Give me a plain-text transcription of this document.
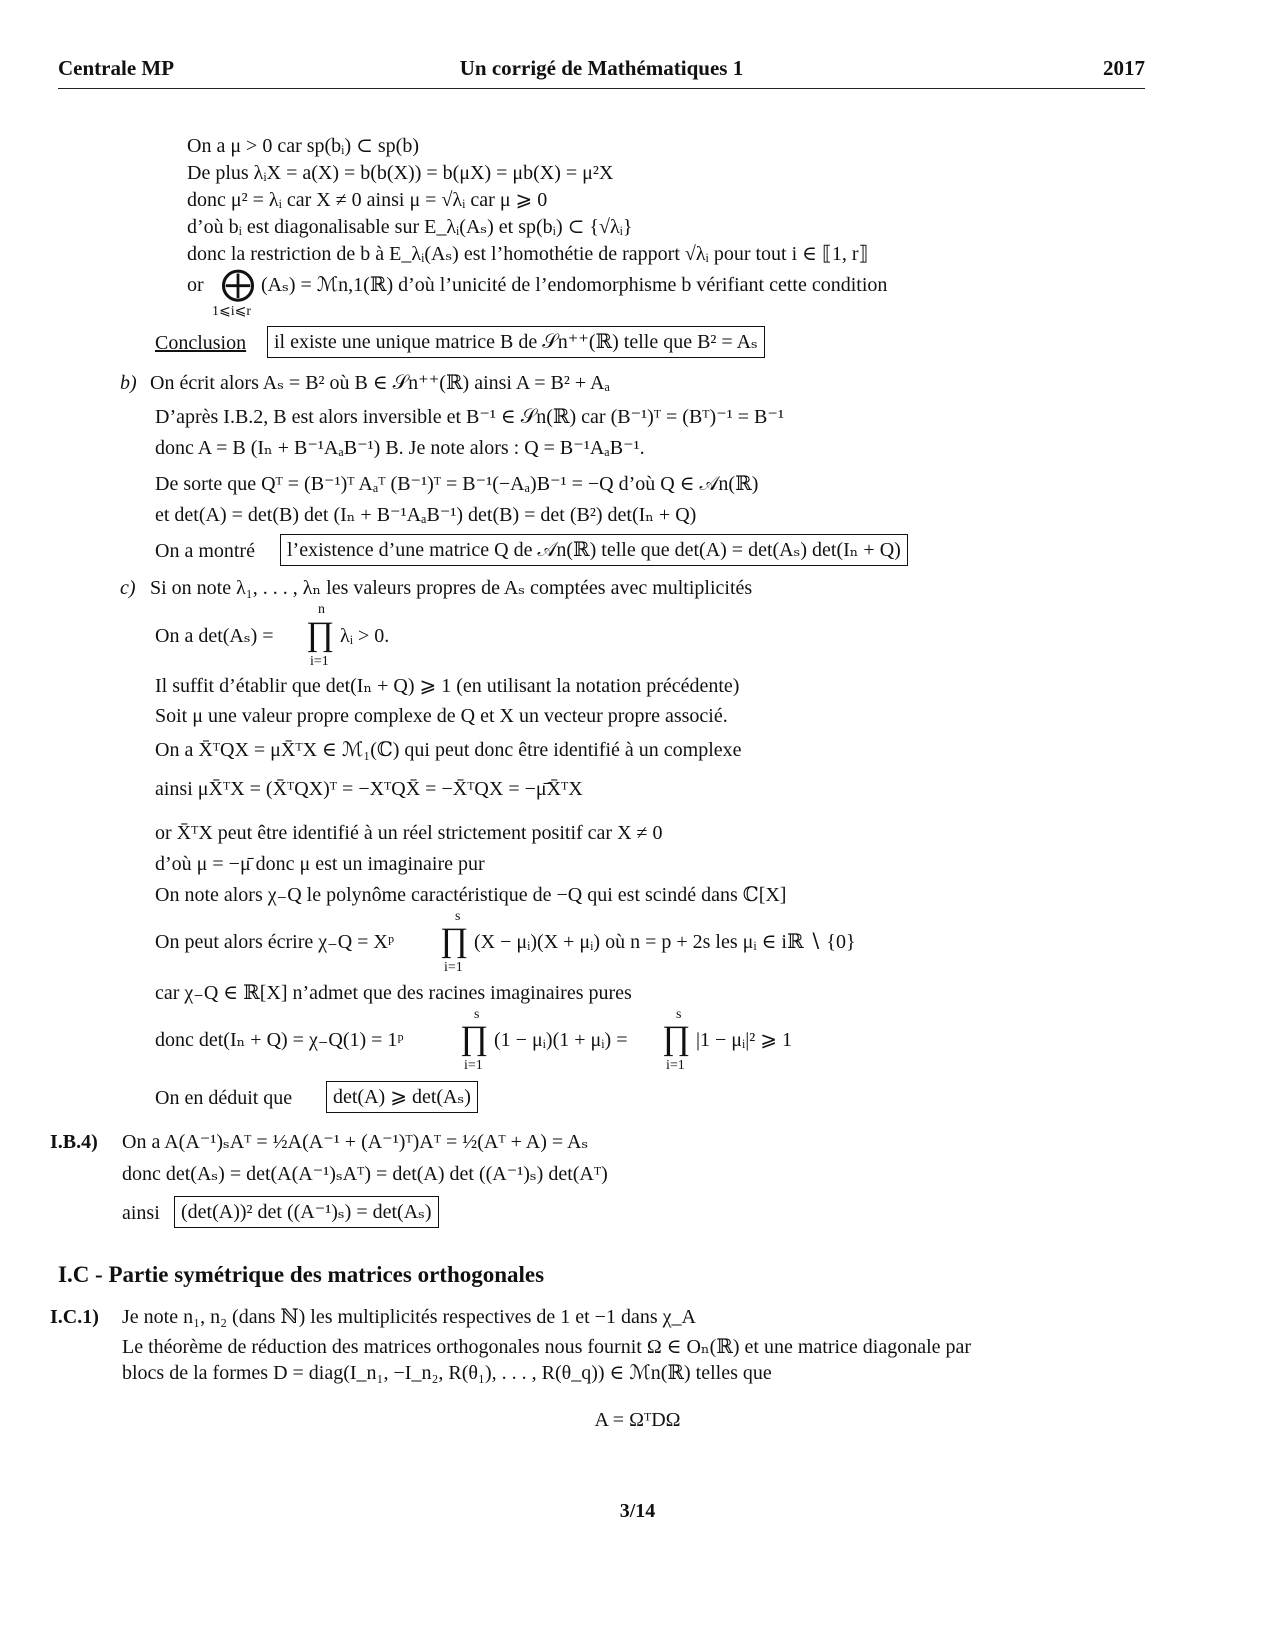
Centrale MP	Un corrigé de Mathématiques 1	2017
On a μ > 0 car sp(bᵢ) ⊂ sp(b)
De plus λᵢX = a(X) = b(b(X)) = b(μX) = μb(X) = μ²X
donc μ² = λᵢ car X ≠ 0 ainsi μ = √λᵢ car μ ⩾ 0
d’où bᵢ est diagonalisable sur E_λᵢ(Aₛ) et sp(bᵢ) ⊂ {√λᵢ}
donc la restriction de b à E_λᵢ(Aₛ) est l’homothétie de rapport √λᵢ pour tout i ∈ ⟦1, r⟧
or ⨁ (Aₛ) = ℳn,1(ℝ) d’où l’unicité de l’endomorphisme b vérifiant cette condition
1⩽i⩽r
Conclusion	il existe une unique matrice B de 𝒮n⁺⁺(ℝ) telle que B² = Aₛ
b) On écrit alors Aₛ = B² où B ∈ 𝒮n⁺⁺(ℝ) ainsi A = B² + Aₐ
D’après I.B.2, B est alors inversible et B⁻¹ ∈ 𝒮n(ℝ) car (B⁻¹)ᵀ = (Bᵀ)⁻¹ = B⁻¹
donc A = B (Iₙ + B⁻¹AₐB⁻¹) B. Je note alors : Q = B⁻¹AₐB⁻¹.
De sorte que Qᵀ = (B⁻¹)ᵀ Aₐᵀ (B⁻¹)ᵀ = B⁻¹(−Aₐ)B⁻¹ = −Q d’où Q ∈ 𝒜n(ℝ)
et det(A) = det(B) det (Iₙ + B⁻¹AₐB⁻¹) det(B) = det (B²) det(Iₙ + Q)
On a montré	l’existence d’une matrice Q de 𝒜n(ℝ) telle que det(A) = det(Aₛ) det(Iₙ + Q)
c) Si on note λ₁, . . . , λₙ les valeurs propres de Aₛ comptées avec multiplicités
On a det(Aₛ) =
n
∏
i=1
λᵢ > 0.
Il suffit d’établir que det(Iₙ + Q) ⩾ 1 (en utilisant la notation précédente)
Soit μ une valeur propre complexe de Q et X un vecteur propre associé.
On a X̄ᵀQX = μX̄ᵀX ∈ ℳ₁(ℂ) qui peut donc être identifié à un complexe
ainsi μX̄ᵀX = (X̄ᵀQX)ᵀ = −XᵀQX̄ = −X̄ᵀQX = −μ̄X̄ᵀX
or X̄ᵀX peut être identifié à un réel strictement positif car X ≠ 0
d’où μ = −μ̄ donc μ est un imaginaire pur
On note alors χ₋Q le polynôme caractéristique de −Q qui est scindé dans ℂ[X]
On peut alors écrire χ₋Q = Xᵖ
s
∏
i=1
(X − μᵢ)(X + μᵢ) où n = p + 2s les μᵢ ∈ iℝ ∖ {0}
car χ₋Q ∈ ℝ[X] n’admet que des racines imaginaires pures
donc det(Iₙ + Q) = χ₋Q(1) = 1ᵖ
s
∏
i=1
(1 − μᵢ)(1 + μᵢ) =
s
∏
i=1
|1 − μᵢ|² ⩾ 1
On en déduit que	det(A) ⩾ det(Aₛ)
I.B.4) On a A(A⁻¹)ₛAᵀ = ½A(A⁻¹ + (A⁻¹)ᵀ)Aᵀ = ½(Aᵀ + A) = Aₛ
donc det(Aₛ) = det(A(A⁻¹)ₛAᵀ) = det(A) det ((A⁻¹)ₛ) det(Aᵀ)
ainsi	(det(A))² det ((A⁻¹)ₛ) = det(Aₛ)
I.C - Partie symétrique des matrices orthogonales
I.C.1) Je note n₁, n₂ (dans ℕ) les multiplicités respectives de 1 et −1 dans χ_A
Le théorème de réduction des matrices orthogonales nous fournit Ω ∈ Oₙ(ℝ) et une matrice diagonale par
blocs de la formes D = diag(I_n₁, −I_n₂, R(θ₁), . . . , R(θ_q)) ∈ ℳn(ℝ) telles que
A = ΩᵀDΩ
3/14
